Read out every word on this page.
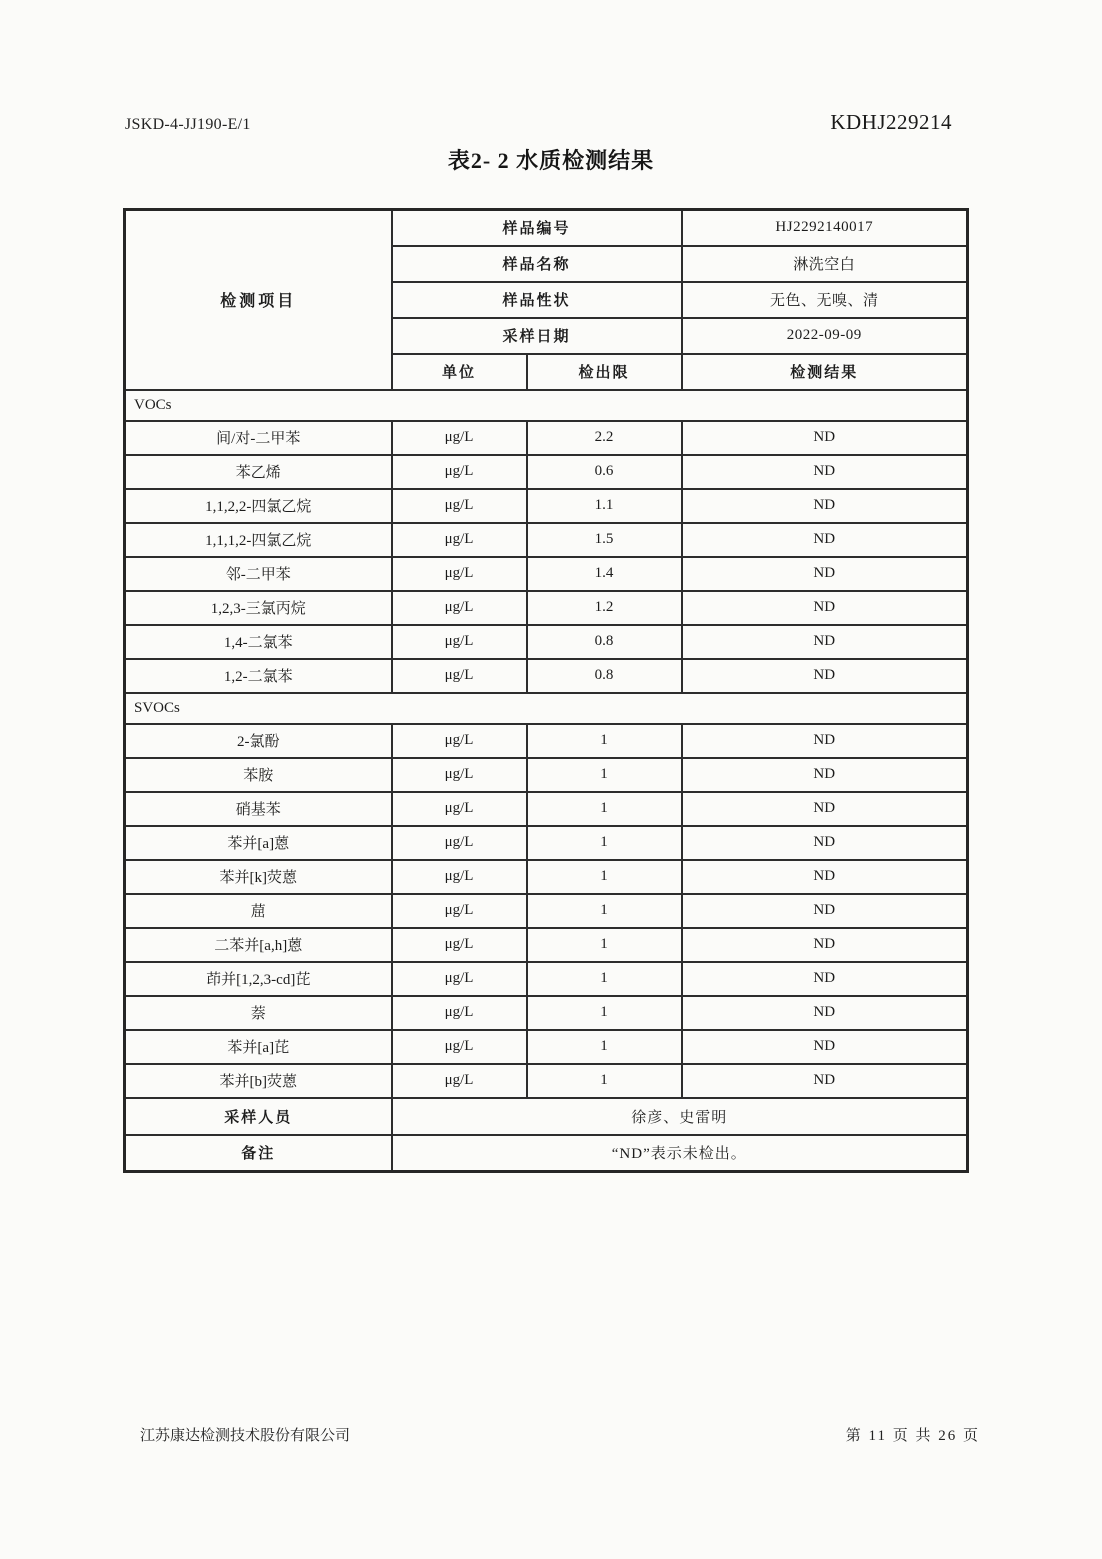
JSKD-4-JJ190-E/1	KDHJ229214
表2- 2 水质检测结果
检测项目	样品编号		HJ2292140017
	样品名称		淋洗空白
	样品性状		无色、无嗅、清
	采样日期		2022-09-09
	单位	检出限	检测结果
VOCs			
间/对-二甲苯	μg/L	2.2	ND
苯乙烯	μg/L	0.6	ND
1,1,2,2-四氯乙烷	μg/L	1.1	ND
1,1,1,2-四氯乙烷	μg/L	1.5	ND
邻-二甲苯	μg/L	1.4	ND
1,2,3-三氯丙烷	μg/L	1.2	ND
1,4-二氯苯	μg/L	0.8	ND
1,2-二氯苯	μg/L	0.8	ND
SVOCs			
2-氯酚	μg/L	1	ND
苯胺	μg/L	1	ND
硝基苯	μg/L	1	ND
苯并[a]蒽	μg/L	1	ND
苯并[k]荧蒽	μg/L	1	ND
䓛	μg/L	1	ND
二苯并[a,h]蒽	μg/L	1	ND
茚并[1,2,3-cd]芘	μg/L	1	ND
萘	μg/L	1	ND
苯并[a]芘	μg/L	1	ND
苯并[b]荧蒽	μg/L	1	ND
采样人员	徐彦、史雷明		
备注	“ND”表示未检出。		
江苏康达检测技术股份有限公司	第 11 页 共 26 页
